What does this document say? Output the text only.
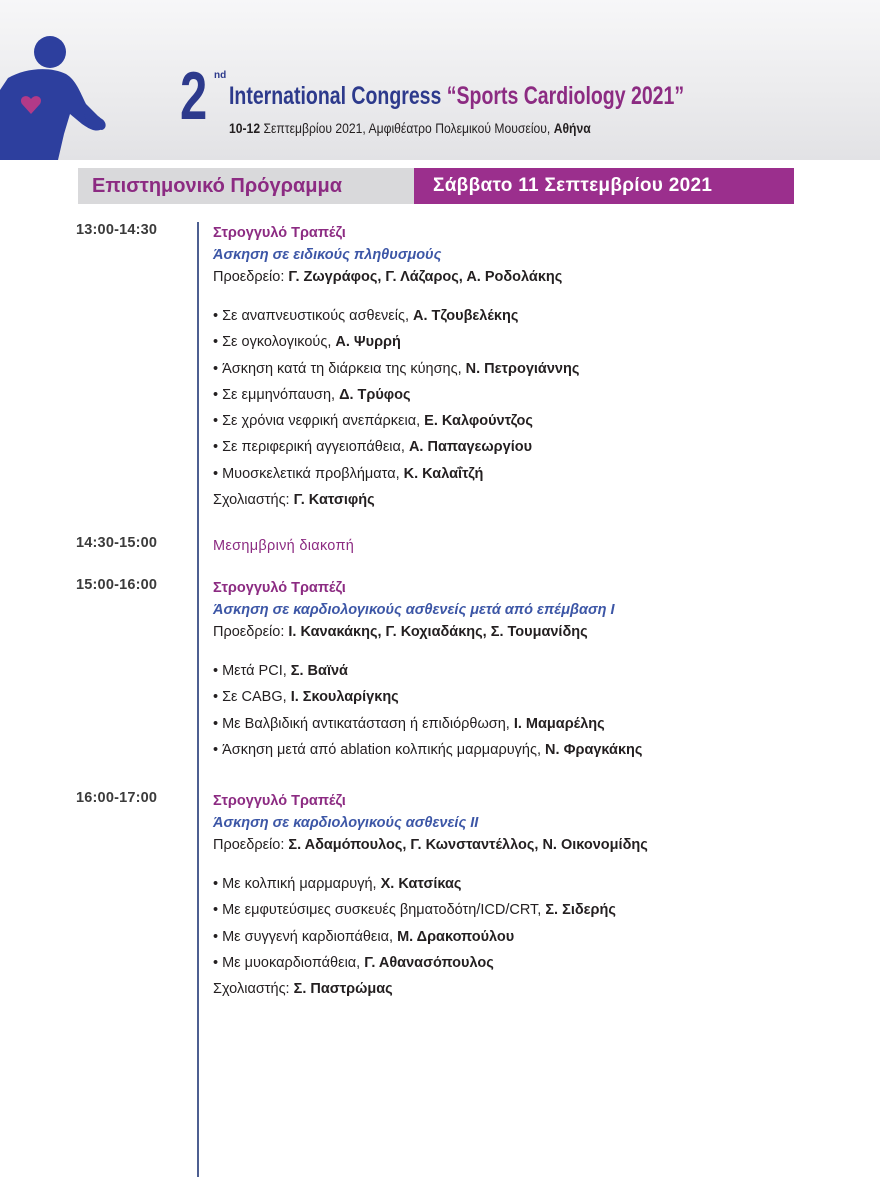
2 nd
International Congress “Sports Cardiology 2021”
10-12 Σεπτεμβρίου 2021, Αμφιθέατρο Πολεμικού Μουσείου, Αθήνα
Επιστημονικό Πρόγραμμα	Σάββατο 11 Σεπτεμβρίου 2021
13:00-14:30	Στρογγυλό Τραπέζι
Άσκηση σε ειδικούς πληθυσμούς
Προεδρείο: Γ. Ζωγράφος, Γ. Λάζαρος, Α. Ροδολάκης
• Σε αναπνευστικούς ασθενείς, Α. Τζουβελέκης
• Σε ογκολογικούς, Α. Ψυρρή
• Άσκηση κατά τη διάρκεια της κύησης, Ν. Πετρογιάννης
• Σε εμμηνόπαυση, Δ. Τρύφος
• Σε χρόνια νεφρική ανεπάρκεια, Ε. Καλφούντζος
• Σε περιφερική αγγειοπάθεια, Α. Παπαγεωργίου
• Μυοσκελετικά προβλήματα, Κ. Καλαΐτζή
Σχολιαστής: Γ. Κατσιφής
14:30-15:00	Μεσημβρινή διακοπή
15:00-16:00	Στρογγυλό Τραπέζι
Άσκηση σε καρδιολογικούς ασθενείς μετά από επέμβαση Ι
Προεδρείο: Ι. Κανακάκης, Γ. Κοχιαδάκης, Σ. Τουμανίδης
• Μετά PCI, Σ. Βαϊνά
• Σε CABG, Ι. Σκουλαρίγκης
• Με Βαλβιδική αντικατάσταση ή επιδιόρθωση, Ι. Μαμαρέλης
• Άσκηση μετά από ablation κολπικής μαρμαρυγής, Ν. Φραγκάκης
16:00-17:00	Στρογγυλό Τραπέζι
Άσκηση σε καρδιολογικούς ασθενείς ΙΙ
Προεδρείο: Σ. Αδαμόπουλος, Γ. Κωνσταντέλλος, Ν. Οικονομίδης
• Με κολπική μαρμαρυγή, Χ. Κατσίκας
• Με εμφυτεύσιμες συσκευές βηματοδότη/ICD/CRT, Σ. Σιδερής
• Με συγγενή καρδιοπάθεια, Μ. Δρακοπούλου
• Με μυοκαρδιοπάθεια, Γ. Αθανασόπουλος
Σχολιαστής: Σ. Παστρώμας
